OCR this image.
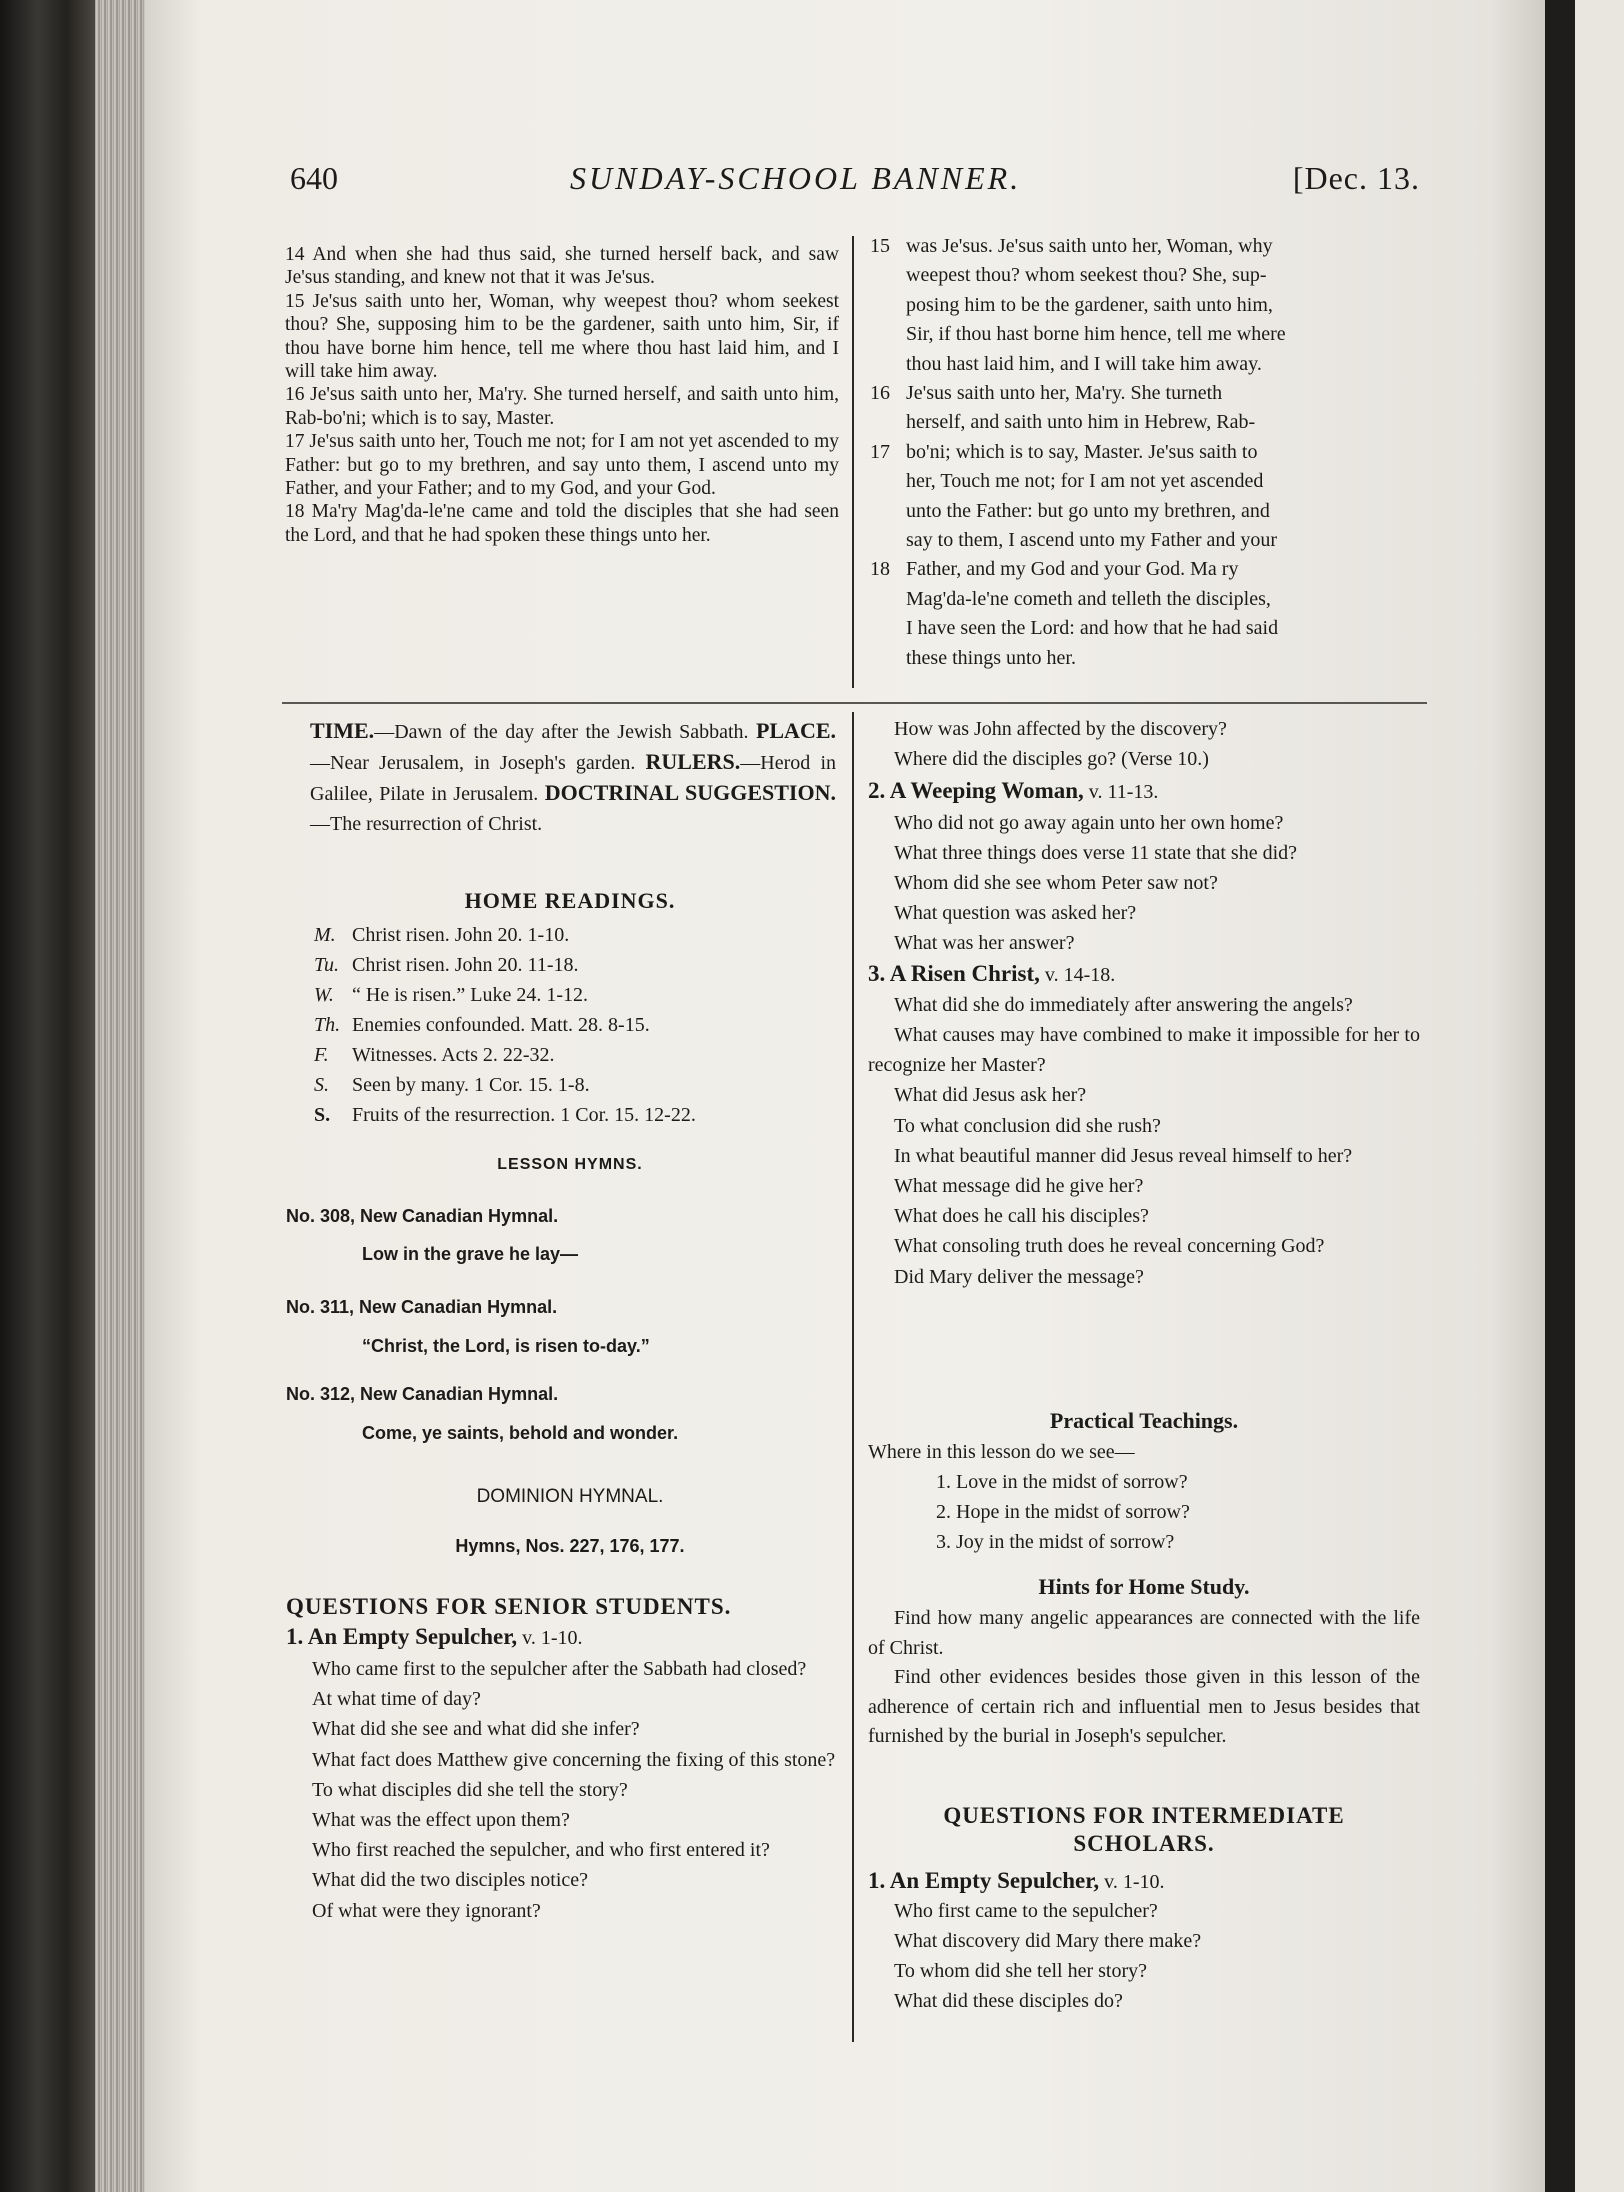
640	SUNDAY-SCHOOL BANNER.	[Dec. 13.

14 And when she had thus said, she turned herself back, and saw Je'sus standing, and knew not that it was Je'sus.

15 Je'sus saith unto her, Woman, why weepest thou? whom seekest thou? She, supposing him to be the gardener, saith unto him, Sir, if thou have borne him hence, tell me where thou hast laid him, and I will take him away.

16 Je'sus saith unto her, Ma'ry. She turned herself, and saith unto him, Rab-bo'ni; which is to say, Master.

17 Je'sus saith unto her, Touch me not; for I am not yet ascended to my Father: but go to my brethren, and say unto them, I ascend unto my Father, and your Father; and to my God, and your God.

18 Ma'ry Mag'da-le'ne came and told the disciples that she had seen the Lord, and that he had spoken these things unto her.

15 was Je'sus. Je'sus saith unto her, Woman, why
weepest thou? whom seekest thou? She, sup-
posing him to be the gardener, saith unto him,
Sir, if thou hast borne him hence, tell me where
thou hast laid him, and I will take him away.
16 Je'sus saith unto her, Ma'ry. She turneth
herself, and saith unto him in Hebrew, Rab-
17 bo'ni; which is to say, Master. Je'sus saith to
her, Touch me not; for I am not yet ascended
unto the Father: but go unto my brethren, and
say to them, I ascend unto my Father and your
18 Father, and my God and your God. Ma ry
Mag'da-le'ne cometh and telleth the disciples,
I have seen the Lord: and how that he had said
these things unto her.

TIME.—Dawn of the day after the Jewish Sabbath. PLACE.—Near Jerusalem, in Joseph's garden. RULERS.—Herod in Galilee, Pilate in Jerusalem. DOCTRINAL SUGGESTION.—The resurrection of Christ.

HOME READINGS.
M. Christ risen. John 20. 1-10.
Tu. Christ risen. John 20. 11-18.
W. “ He is risen.” Luke 24. 1-12.
Th. Enemies confounded. Matt. 28. 8-15.
F. Witnesses. Acts 2. 22-32.
S. Seen by many. 1 Cor. 15. 1-8.
S. Fruits of the resurrection. 1 Cor. 15. 12-22.
LESSON HYMNS.
No. 308, New Canadian Hymnal.
Low in the grave he lay—
No. 311, New Canadian Hymnal.
“Christ, the Lord, is risen to-day.”
No. 312, New Canadian Hymnal.
Come, ye saints, behold and wonder.
DOMINION HYMNAL.
Hymns, Nos. 227, 176, 177.
QUESTIONS FOR SENIOR STUDENTS.
1. An Empty Sepulcher, v. 1-10.

Who came first to the sepulcher after the Sabbath had closed?

At what time of day?

What did she see and what did she infer?

What fact does Matthew give concerning the fixing of this stone?

To what disciples did she tell the story?

What was the effect upon them?

Who first reached the sepulcher, and who first entered it?

What did the two disciples notice?

Of what were they ignorant?

How was John affected by the discovery?

Where did the disciples go? (Verse 10.)

2. A Weeping Woman, v. 11-13.

Who did not go away again unto her own home?

What three things does verse 11 state that she did?

Whom did she see whom Peter saw not?

What question was asked her?

What was her answer?

3. A Risen Christ, v. 14-18.

What did she do immediately after answering the angels?

What causes may have combined to make it impossible for her to recognize her Master?

What did Jesus ask her?

To what conclusion did she rush?

In what beautiful manner did Jesus reveal himself to her?

What message did he give her?

What does he call his disciples?

What consoling truth does he reveal concerning God?

Did Mary deliver the message?

Practical Teachings.
Where in this lesson do we see—

1. Love in the midst of sorrow?

2. Hope in the midst of sorrow?

3. Joy in the midst of sorrow?

Hints for Home Study.

Find how many angelic appearances are connected with the life of Christ.

Find other evidences besides those given in this lesson of the adherence of certain rich and influential men to Jesus besides that furnished by the burial in Joseph's sepulcher.

QUESTIONS FOR INTERMEDIATE

SCHOLARS.

1. An Empty Sepulcher, v. 1-10.

Who first came to the sepulcher?

What discovery did Mary there make?

To whom did she tell her story?

What did these disciples do?
